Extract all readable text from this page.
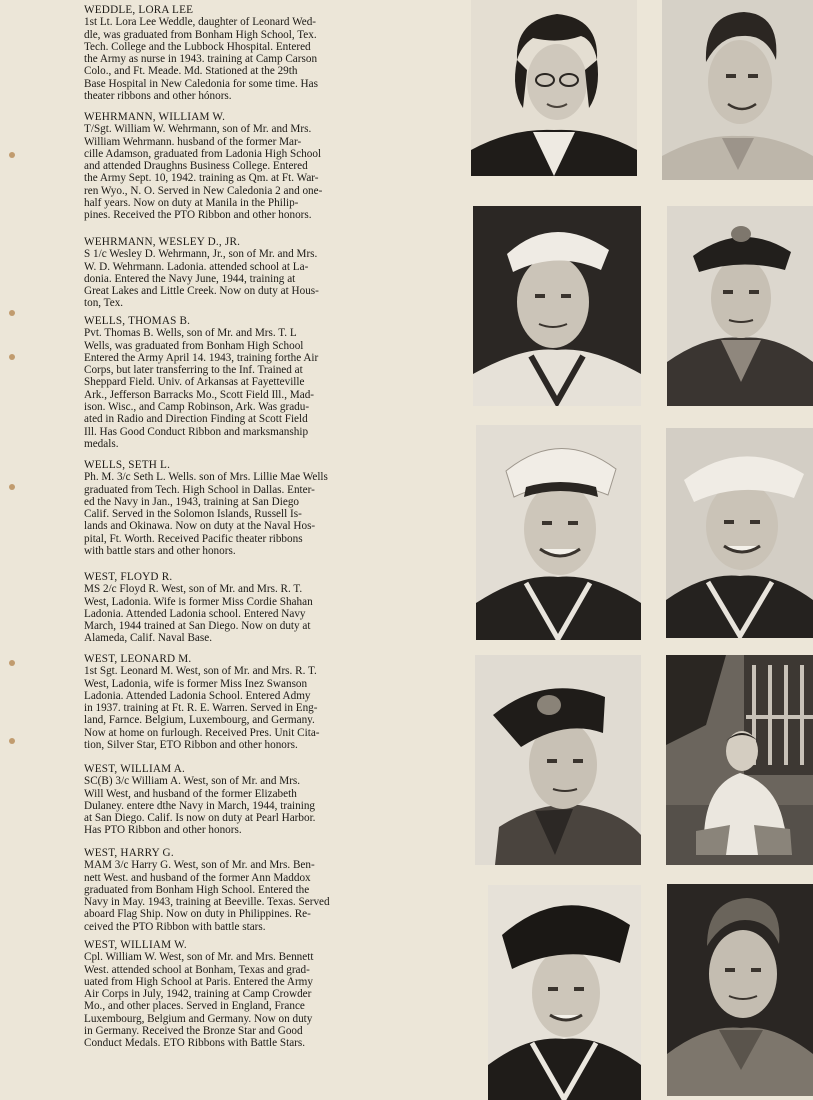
WEDDLE, LORA LEE
1st Lt. Lora Lee Weddle, daughter of Leonard Wed-
dle, was graduated from Bonham High School, Tex.
Tech. College and the Lubbock Hhospital. Entered
the Army as nurse in 1943. training at Camp Carson
Colo., and Ft. Meade. Md. Stationed at the 29th
Base Hospital in New Caledonia for some time. Has
theater ribbons and other hónors.
WEHRMANN, WILLIAM W.
T/Sgt. William W. Wehrmann, son of Mr. and Mrs.
William Wehrmann. husband of the former Mar-
cille Adamson, graduated from Ladonia High School
and attended Draughns Business College. Entered
the Army Sept. 10, 1942. training as Qm. at Ft. War-
ren Wyo., N. O. Served in New Caledonia 2 and one-
half years. Now on duty at Manila in the Philip-
pines. Received the PTO Ribbon and other honors.
WEHRMANN, WESLEY D., JR.
S 1/c Wesley D. Wehrmann, Jr., son of Mr. and Mrs.
W. D. Wehrmann. Ladonia. attended school at La-
donia. Entered the Navy June, 1944, training at
Great Lakes and Little Creek. Now on duty at Hous-
ton, Tex.
WELLS, THOMAS B.
Pvt. Thomas B. Wells, son of Mr. and Mrs. T. L
Wells, was graduated from Bonham High School
Entered the Army April 14. 1943, training forthe Air
Corps, but later transferring to the Inf. Trained at
Sheppard Field. Univ. of Arkansas at Fayetteville
Ark., Jefferson Barracks Mo., Scott Field Ill., Mad-
ison. Wisc., and Camp Robinson, Ark. Was gradu-
ated in Radio and Direction Finding at Scott Field
Ill. Has Good Conduct Ribbon and marksmanship
medals.
WELLS, SETH L.
Ph. M. 3/c Seth L. Wells. son of Mrs. Lillie Mae Wells
graduated from Tech. High School in Dallas. Enter-
ed the Navy in Jan., 1943, training at San Diego
Calif. Served in the Solomon Islands, Russell Is-
lands and Okinawa. Now on duty at the Naval Hos-
pital, Ft. Worth. Received Pacific theater ribbons
with battle stars and other honors.
WEST, FLOYD R.
MS 2/c Floyd R. West, son of Mr. and Mrs. R. T.
West, Ladonia. Wife is former Miss Cordie Shahan
Ladonia. Attended Ladonia school. Entered Navy
March, 1944 trained at San Diego. Now on duty at
Alameda, Calif. Naval Base.
WEST, LEONARD M.
1st Sgt. Leonard M. West, son of Mr. and Mrs. R. T.
West, Ladonia, wife is former Miss Inez Swanson
Ladonia. Attended Ladonia School. Entered Admy
in 1937. training at Ft. R. E. Warren. Served in Eng-
land, Farnce. Belgium, Luxembourg, and Germany.
Now at home on furlough. Received Pres. Unit Cita-
tion, Silver Star, ETO Ribbon and other honors.
WEST, WILLIAM A.
SC(B) 3/c William A. West, son of Mr. and Mrs.
Will West, and husband of the former Elizabeth
Dulaney. entere dthe Navy in March, 1944, training
at San Diego. Calif. Is now on duty at Pearl Harbor.
Has PTO Ribbon and other honors.
WEST, HARRY G.
MAM 3/c Harry G. West, son of Mr. and Mrs. Ben-
nett West. and husband of the former Ann Maddox
graduated from Bonham High School. Entered the
Navy in May. 1943, training at Beeville. Texas. Served
aboard Flag Ship. Now on duty in Philippines. Re-
ceived the PTO Ribbon with battle stars.
WEST, WILLIAM W.
Cpl. William W. West, son of Mr. and Mrs. Bennett
West. attended school at Bonham, Texas and grad-
uated from High School at Paris. Entered the Army
Air Corps in July, 1942, training at Camp Crowder
Mo., and other places. Served in England, France
Luxembourg, Belgium and Germany. Now on duty
in Germany. Received the Bronze Star and Good
Conduct Medals. ETO Ribbons with Battle Stars.
